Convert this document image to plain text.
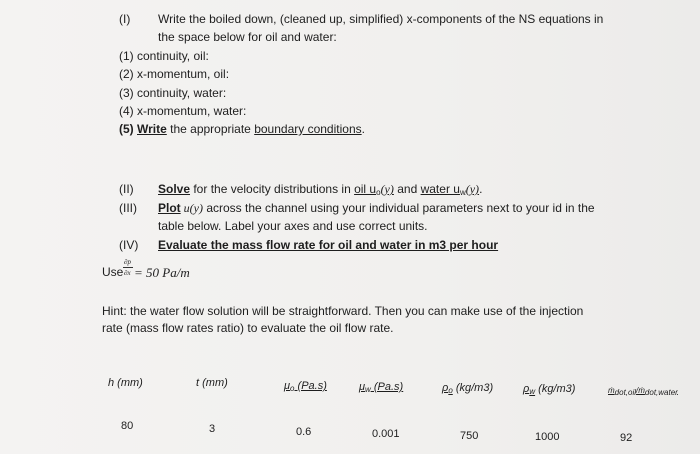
(I) Write the boiled down, (cleaned up, simplified) x-components of the NS equations in
the space below for oil and water:
(1) continuity, oil:
(2) x-momentum, oil:
(3) continuity, water:
(4) x-momentum, water:
(5) Write the appropriate boundary conditions.
(II) Solve for the velocity distributions in oil $u_o(y)$ and water $u_w(y)$.
(III) Plot u(y) across the channel using your individual parameters next to your id in the
table below. Label your axes and use correct units.
(IV) Evaluate the mass flow rate for oil and water in m3 per hour
Use
∂p
∂x = 50 Pa/m
Hint: the water flow solution will be straightforward. Then you can make use of the injection
rate (mass flow rates ratio) to evaluate the oil flow rate.
h (mm)	t (mm)	$\mu_o$ (Pa.s)	$\mu_w$ (Pa.s)	$\rho_o$ (kg/m3)	$\rho_w$ (kg/m3)	ṁdot,oil/ṁdot,water
80	3	0.6	0.001	750	1000	92
